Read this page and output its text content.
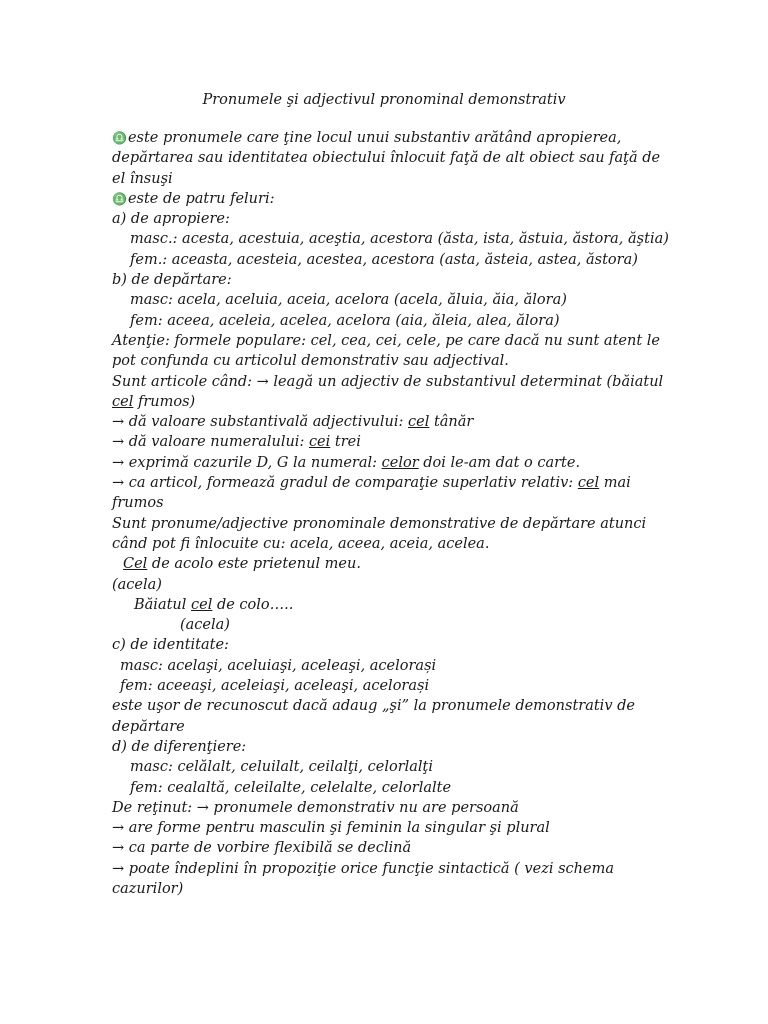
Pronumele şi adjectivul pronominal demonstrativ
♎este pronumele care ţine locul unui substantiv arătând apropierea,
depărtarea sau identitatea obiectului înlocuit faţă de alt obiect sau faţă de
el însuşi
♎este de patru feluri:
a) de apropiere:
masc.: acesta, acestuia, aceştia, acestora (ăsta, ista, ăstuia, ăstora, ăştia)
fem.: aceasta, acesteia, acestea, acestora (asta, ăsteia, astea, ăstora)
b) de depărtare:
masc: acela, aceluia, aceia, acelora (acela, ăluia, ăia, ălora)
fem: aceea, aceleia, acelea, acelora (aia, ăleia, alea, ălora)
Atenţie: formele populare: cel, cea, cei, cele, pe care dacă nu sunt atent le
pot confunda cu articolul demonstrativ sau adjectival.
Sunt articole când: → leagă un adjectiv de substantivul determinat (băiatul
cel frumos)
→ dă valoare substantivală adjectivului: cel tânăr
→ dă valoare numeralului: cei trei
→ exprimă cazurile D, G la numeral: celor doi le-am dat o carte.
→ ca articol, formează gradul de comparaţie superlativ relativ: cel mai
frumos
Sunt pronume/adjective pronominale demonstrative de depărtare atunci
când pot fi înlocuite cu: acela, aceea, aceia, acelea.
Cel de acolo este prietenul meu.
(acela)
Băiatul cel de colo…..
(acela)
c) de identitate:
masc: acelaşi, aceluiaşi, aceleaşi, acelorași
fem: aceeaşi, aceleiaşi, aceleaşi, acelorași
este uşor de recunoscut dacă adaug „şi” la pronumele demonstrativ de
depărtare
d) de diferenţiere:
masc: celălalt, celuilalt, ceilalţi, celorlalţi
fem: cealaltă, celeilalte, celelalte, celorlalte
De reţinut: → pronumele demonstrativ nu are persoană
→ are forme pentru masculin şi feminin la singular şi plural
→ ca parte de vorbire flexibilă se declină
→ poate îndeplini în propoziţie orice funcţie sintactică ( vezi schema
cazurilor)
